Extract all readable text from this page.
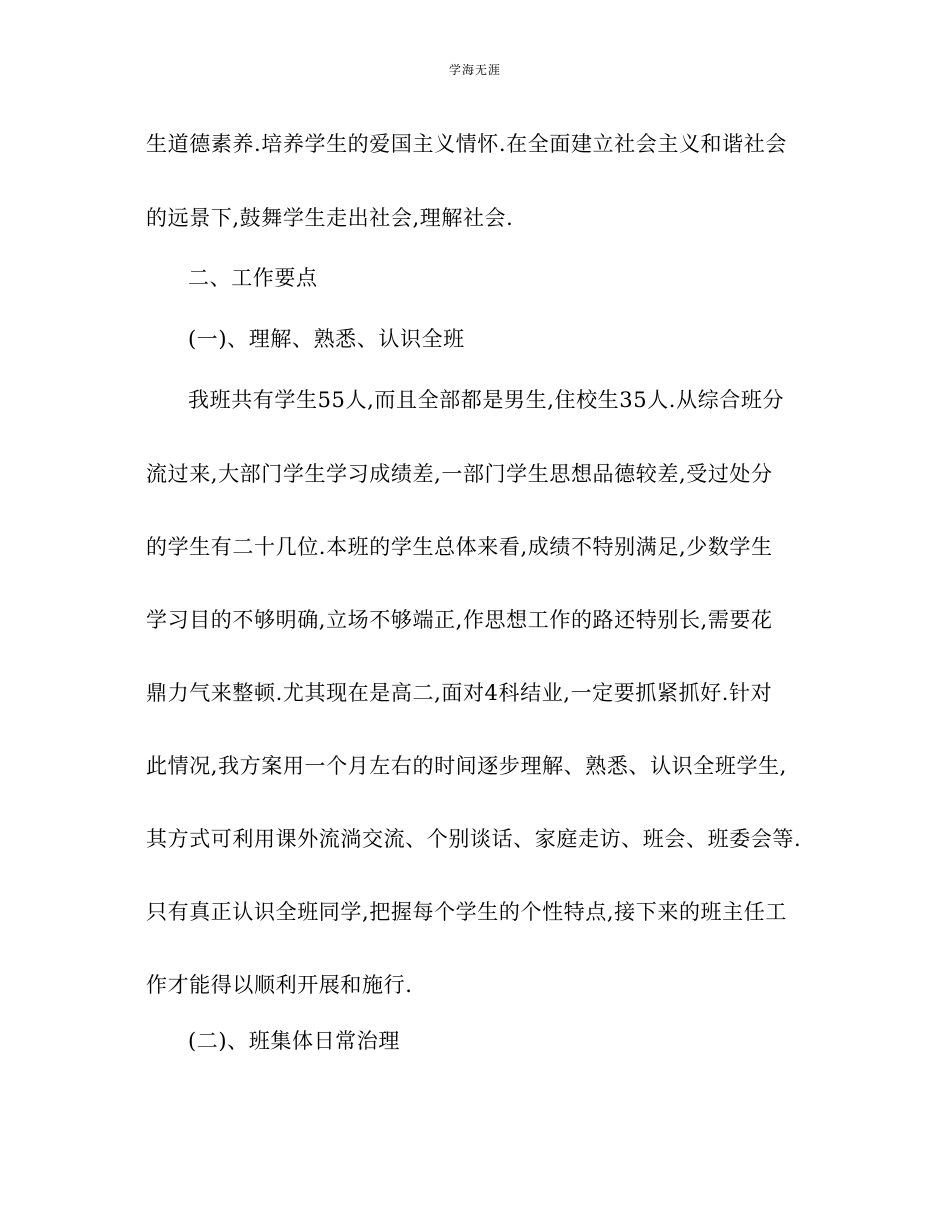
学海无涯
生道德素养.培养学生的爱国主义情怀.在全面建立社会主义和谐社会
的远景下,鼓舞学生走出社会,理解社会.
二、工作要点
(一)、理解、熟悉、认识全班
我班共有学生55人,而且全部都是男生,住校生35人.从综合班分
流过来,大部门学生学习成绩差,一部门学生思想品德较差,受过处分
的学生有二十几位.本班的学生总体来看,成绩不特别满足,少数学生
学习目的不够明确,立场不够端正,作思想工作的路还特别长,需要花
鼎力气来整顿.尤其现在是高二,面对4科结业,一定要抓紧抓好.针对
此情况,我方案用一个月左右的时间逐步理解、熟悉、认识全班学生,
其方式可利用课外流淌交流、个别谈话、家庭走访、班会、班委会等.
只有真正认识全班同学,把握每个学生的个性特点,接下来的班主任工
作才能得以顺利开展和施行.
(二)、班集体日常治理
